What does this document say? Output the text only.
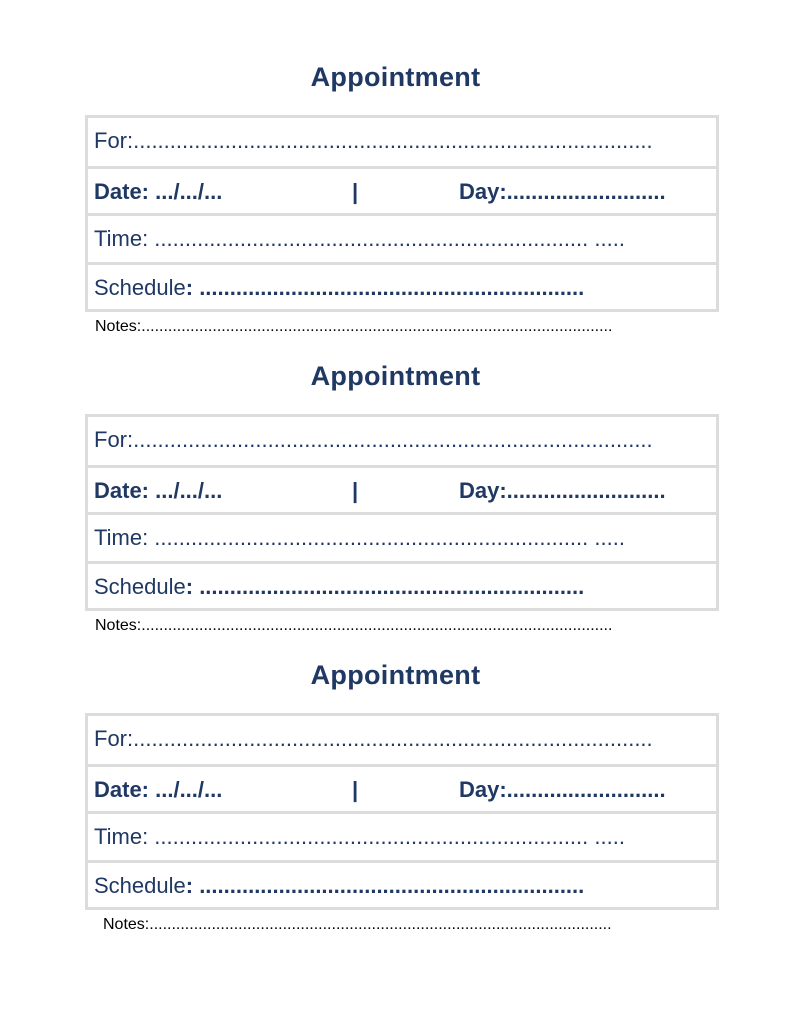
Appointment
For:.....................................................................................
Date: .../.../...	|	Day:..........................
Time: ....................................................................... .....
Schedule: ...............................................................
Notes:..........................................................................................................
Appointment
For:.....................................................................................
Date: .../.../...	|	Day:..........................
Time: ....................................................................... .....
Schedule: ...............................................................
Notes:..........................................................................................................
Appointment
For:.....................................................................................
Date: .../.../...	|	Day:..........................
Time: ....................................................................... .....
Schedule: ...............................................................
Notes:........................................................................................................
